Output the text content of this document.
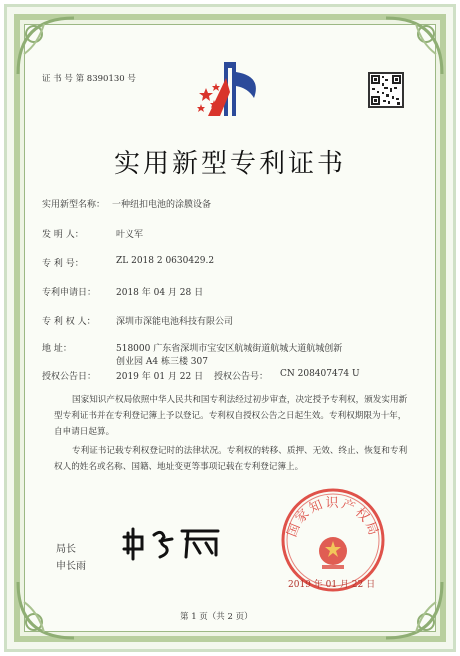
证 书 号 第 8390130 号
实用新型专利证书
实用新型名称： 一种纽扣电池的涂膜设备
发 明 人：	叶义军
专 利 号：	ZL 2018 2 0630429.2
专利申请日： 2018 年 04 月 28 日
专 利 权 人： 深圳市深能电池科技有限公司
地 址：	518000 广东省深圳市宝安区航城街道航城大道航城创新
创业园 A4 栋三楼 307
授权公告日： 2019 年 01 月 22 日 授权公告号： CN 208407474 U
国家知识产权局依照中华人民共和国专利法经过初步审查，决定授予专利权，颁发实用新型专利证书并在专利登记簿上予以登记。专利权自授权公告之日起生效。专利权期限为十年，自申请日起算。
专利证书记载专利权登记时的法律状况。专利权的转移、质押、无效、终止、恢复和专利权人的姓名或名称、国籍、地址变更等事项记载在专利登记簿上。
局长
申长雨
国家知识产权局
2019 年 01 月 22 日
第 1 页（共 2 页）
